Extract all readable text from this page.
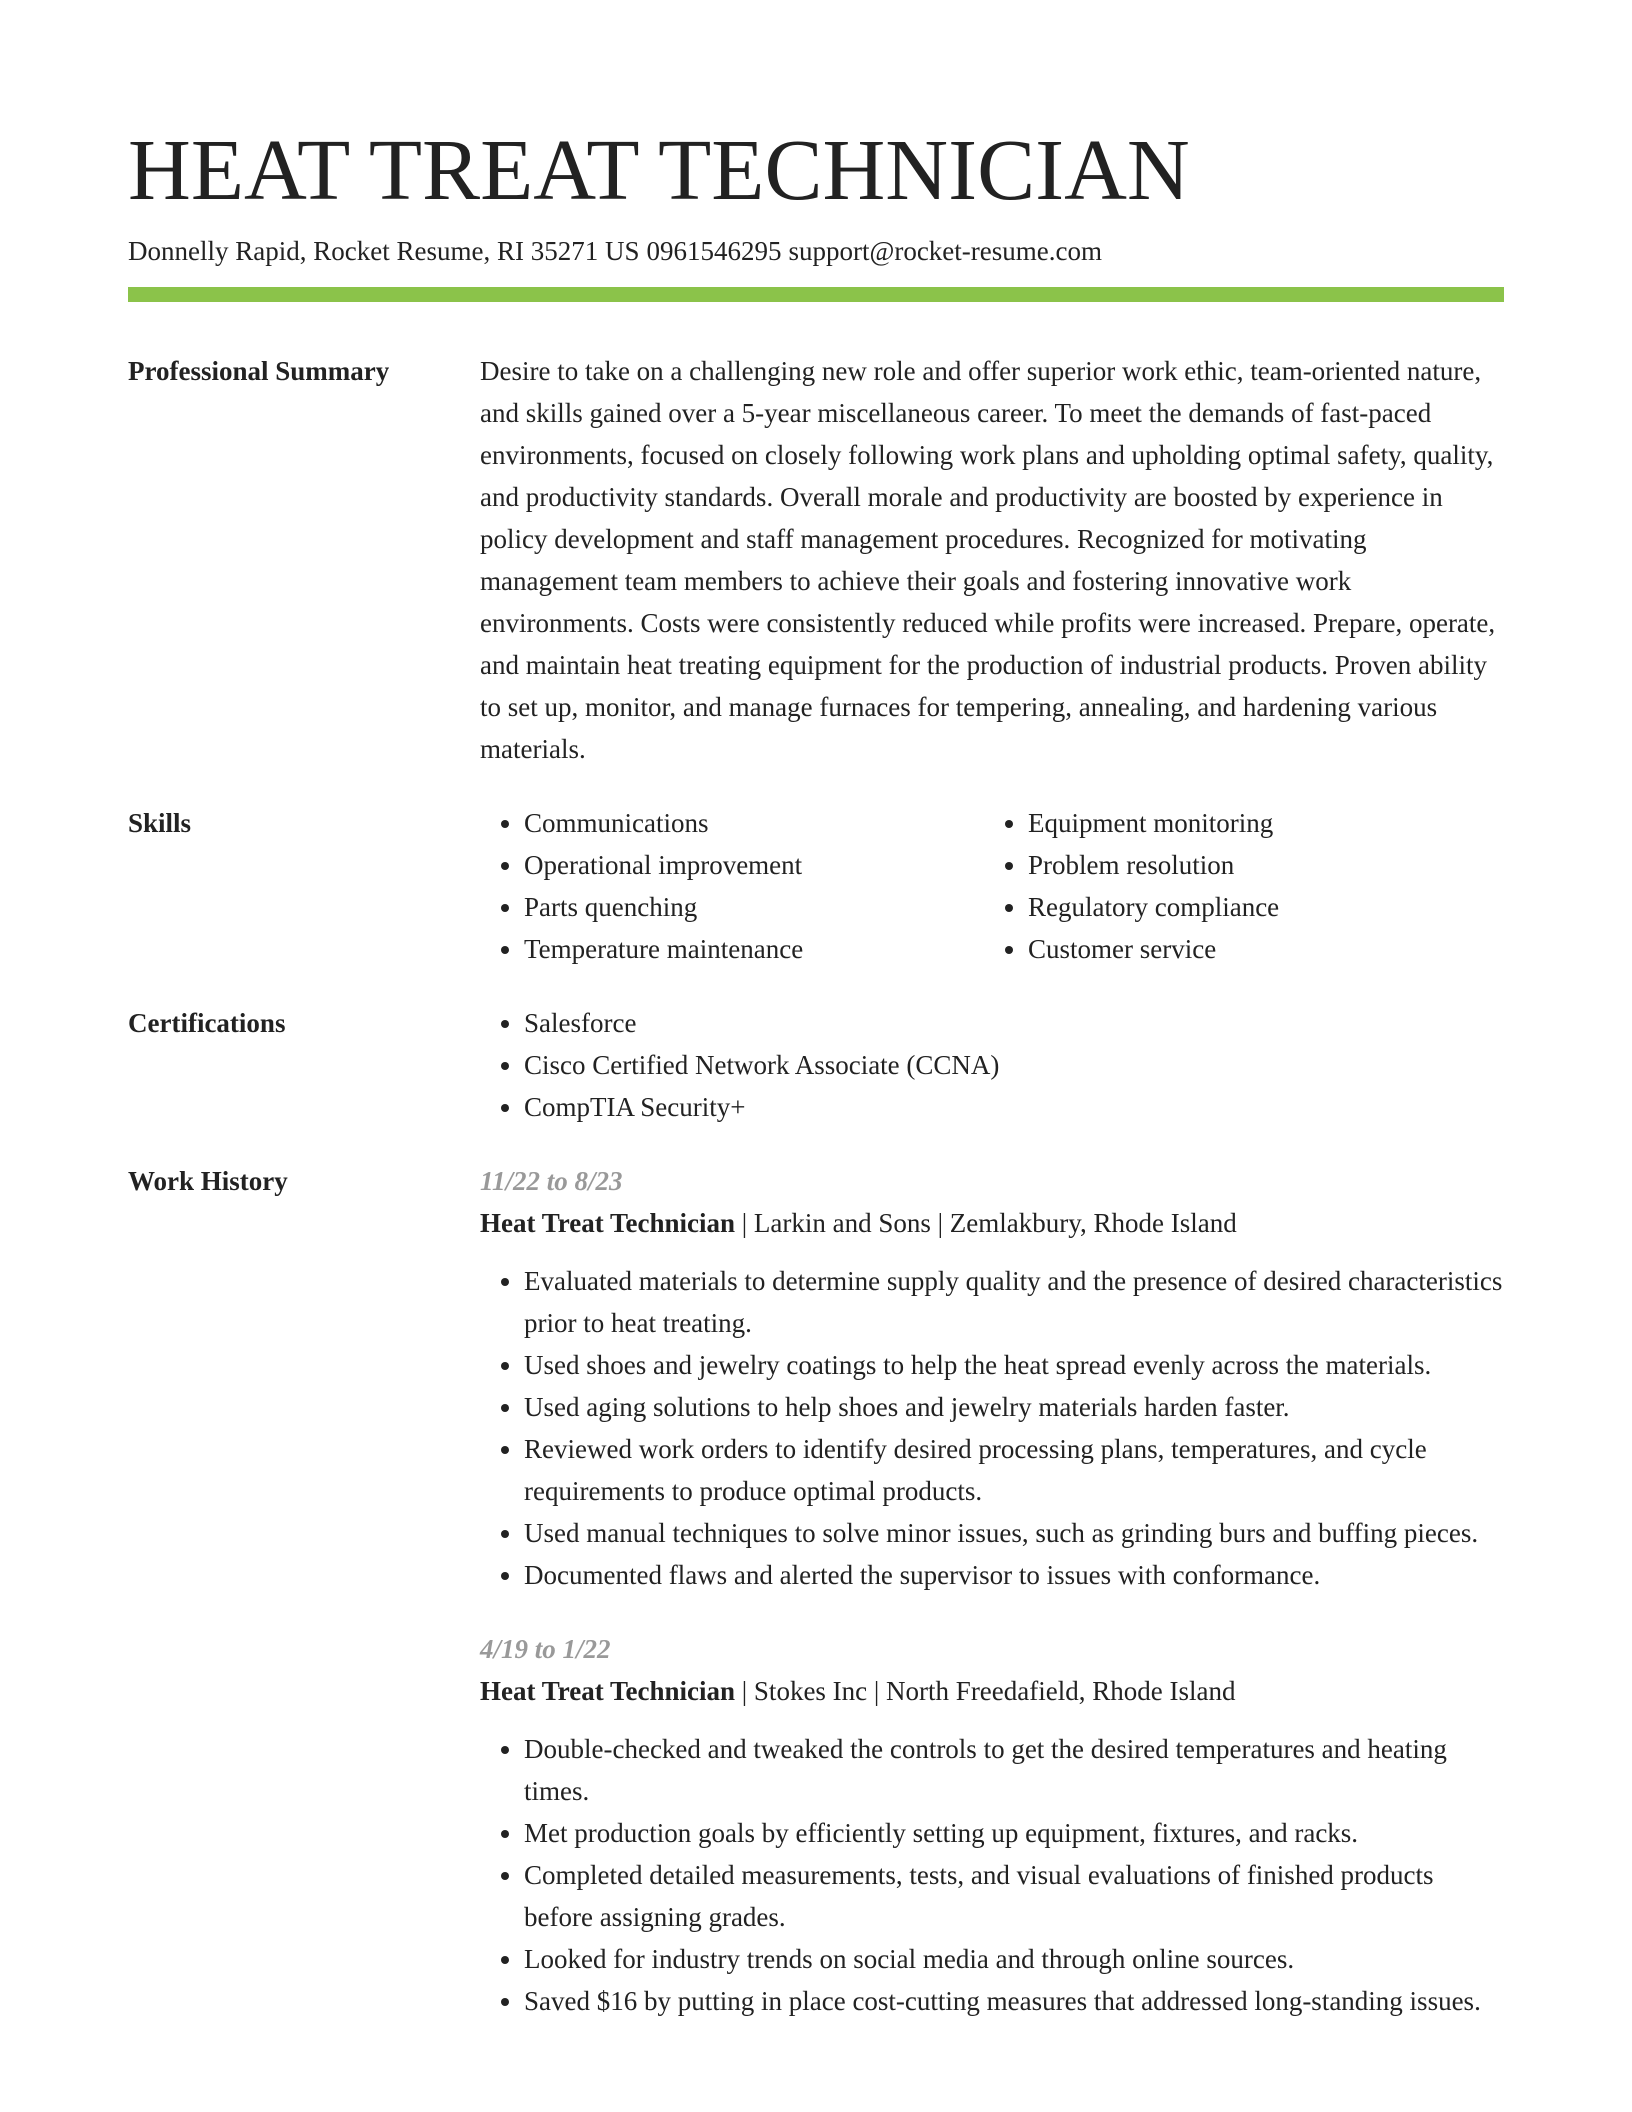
HEAT TREAT TECHNICIAN
Donnelly Rapid, Rocket Resume, RI 35271 US 0961546295 support@rocket-resume.com
Professional Summary	Desire to take on a challenging new role and offer superior work ethic, team-oriented nature, and skills gained over a 5-year miscellaneous career. To meet the demands of fast-paced environments, focused on closely following work plans and upholding optimal safety, quality, and productivity standards. Overall morale and productivity are boosted by experience in policy development and staff management procedures. Recognized for motivating management team members to achieve their goals and fostering innovative work environments. Costs were consistently reduced while profits were increased. Prepare, operate, and maintain heat treating equipment for the production of industrial products. Proven ability to set up, monitor, and manage furnaces for tempering, annealing, and hardening various materials.
Skills	• Communications
• Operational improvement
• Parts quenching
• Temperature maintenance
• Equipment monitoring
• Problem resolution
• Regulatory compliance
• Customer service
Certifications	• Salesforce
• Cisco Certified Network Associate (CCNA)
• CompTIA Security+
Work History	11/22 to 8/23
Heat Treat Technician | Larkin and Sons | Zemlakbury, Rhode Island
• Evaluated materials to determine supply quality and the presence of desired characteristics prior to heat treating.
• Used shoes and jewelry coatings to help the heat spread evenly across the materials.
• Used aging solutions to help shoes and jewelry materials harden faster.
• Reviewed work orders to identify desired processing plans, temperatures, and cycle requirements to produce optimal products.
• Used manual techniques to solve minor issues, such as grinding burs and buffing pieces.
• Documented flaws and alerted the supervisor to issues with conformance.
4/19 to 1/22
Heat Treat Technician | Stokes Inc | North Freedafield, Rhode Island
• Double-checked and tweaked the controls to get the desired temperatures and heating times.
• Met production goals by efficiently setting up equipment, fixtures, and racks.
• Completed detailed measurements, tests, and visual evaluations of finished products before assigning grades.
• Looked for industry trends on social media and through online sources.
• Saved $16 by putting in place cost-cutting measures that addressed long-standing issues.
